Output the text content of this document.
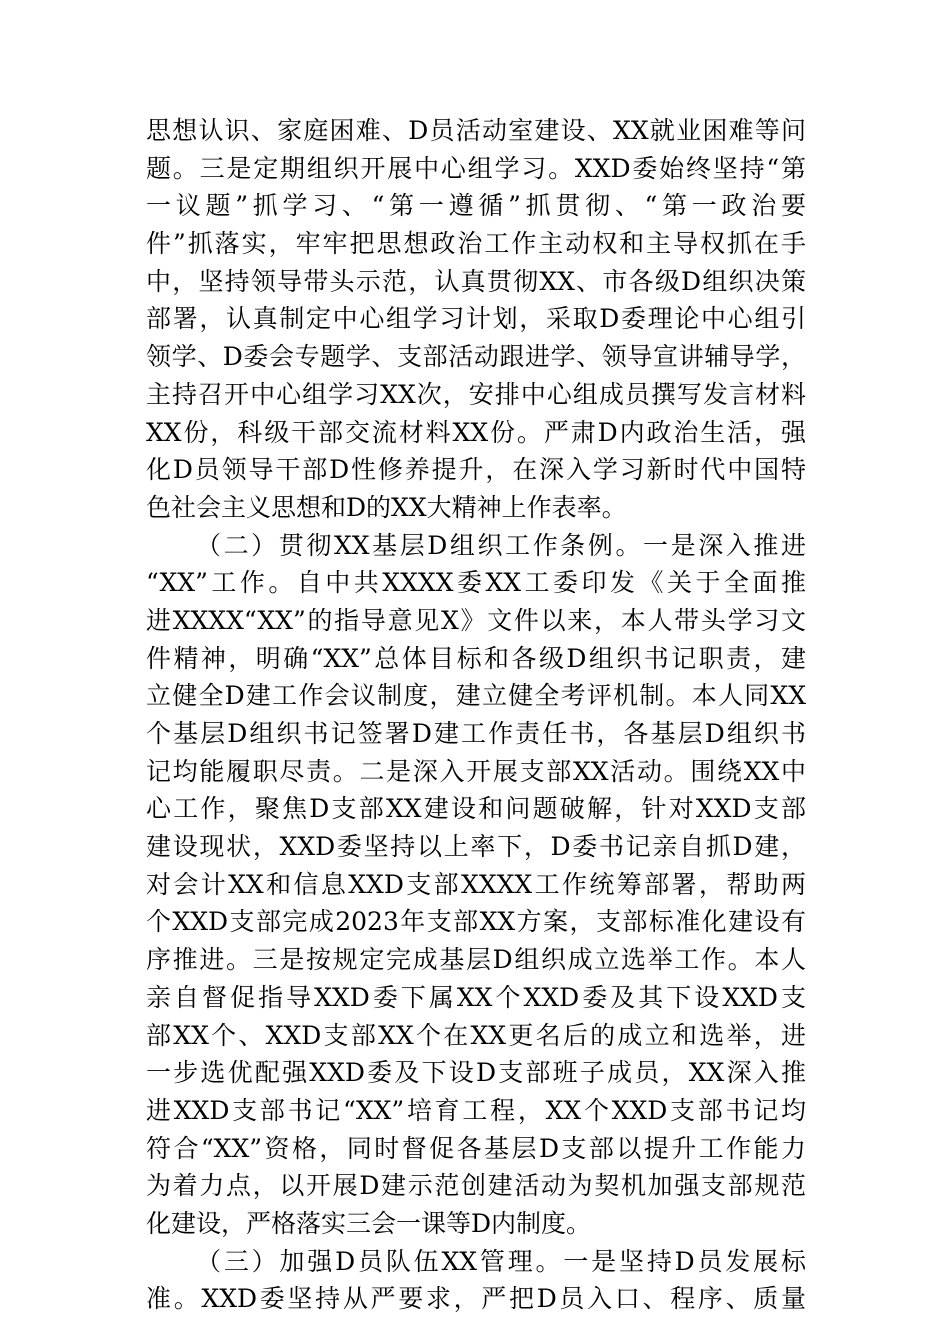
思想认识、家庭困难、D员活动室建设、XX就业困难等问
题。三是定期组织开展中心组学习。XXD委始终坚持“第
一议题”抓学习、“第一遵循”抓贯彻、“第一政治要
件”抓落实，牢牢把思想政治工作主动权和主导权抓在手
中，坚持领导带头示范，认真贯彻XX、市各级D组织决策
部署，认真制定中心组学习计划，采取D委理论中心组引
领学、D委会专题学、支部活动跟进学、领导宣讲辅导学，
主持召开中心组学习XX次，安排中心组成员撰写发言材料
XX份，科级干部交流材料XX份。严肃D内政治生活，强
化D员领导干部D性修养提升，在深入学习新时代中国特
色社会主义思想和D的XX大精神上作表率。
（二）贯彻XX基层D组织工作条例。一是深入推进
“XX”工作。自中共XXXX委XX工委印发《关于全面推
进XXXX“XX”的指导意见X》文件以来，本人带头学习文
件精神，明确“XX”总体目标和各级D组织书记职责，建
立健全D建工作会议制度，建立健全考评机制。本人同XX
个基层D组织书记签署D建工作责任书，各基层D组织书
记均能履职尽责。二是深入开展支部XX活动。围绕XX中
心工作，聚焦D支部XX建设和问题破解，针对XXD支部
建设现状，XXD委坚持以上率下，D委书记亲自抓D建，
对会计XX和信息XXD支部XXXX工作统筹部署，帮助两
个XXD支部完成2023年支部XX方案，支部标准化建设有
序推进。三是按规定完成基层D组织成立选举工作。本人
亲自督促指导XXD委下属XX个XXD委及其下设XXD支
部XX个、XXD支部XX个在XX更名后的成立和选举，进
一步选优配强XXD委及下设D支部班子成员，XX深入推
进XXD支部书记“XX”培育工程，XX个XXD支部书记均
符合“XX”资格，同时督促各基层D支部以提升工作能力
为着力点，以开展D建示范创建活动为契机加强支部规范
化建设，严格落实三会一课等D内制度。
（三）加强D员队伍XX管理。一是坚持D员发展标
准。XXD委坚持从严要求，严把D员入口、程序、质量
